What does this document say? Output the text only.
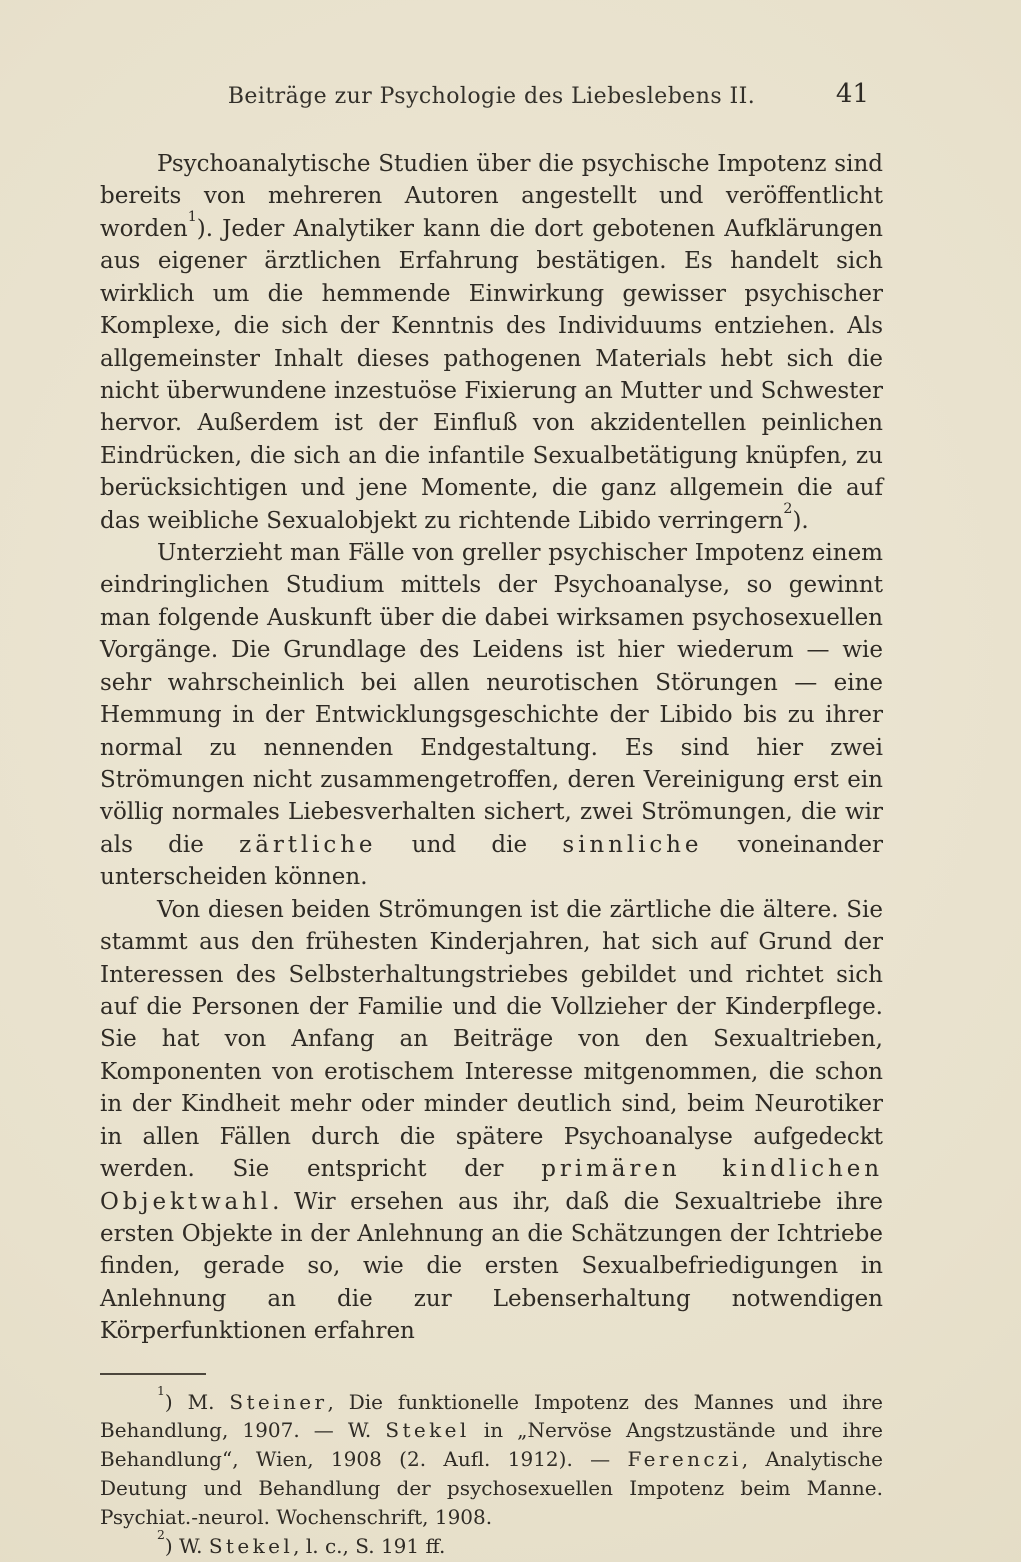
Beiträge zur Psychologie des Liebeslebens II.	41

Psychoanalytische Studien über die psychische Impotenz sind bereits von mehreren Autoren angestellt und veröffentlicht worden$^1$). Jeder Analytiker kann die dort gebotenen Aufklärungen aus eigener ärztlichen Erfahrung bestätigen. Es handelt sich wirklich um die hemmende Einwirkung gewisser psychischer Komplexe, die sich der Kenntnis des Individuums entziehen. Als allgemeinster Inhalt dieses pathogenen Materials hebt sich die nicht überwundene inzestuöse Fixierung an Mutter und Schwester hervor. Außerdem ist der Einfluß von akzidentellen peinlichen Eindrücken, die sich an die infantile Sexualbetätigung knüpfen, zu berücksichtigen und jene Momente, die ganz allgemein die auf das weibliche Sexualobjekt zu richtende Libido verringern$^2$).

Unterzieht man Fälle von greller psychischer Impotenz einem eindringlichen Studium mittels der Psychoanalyse, so gewinnt man folgende Auskunft über die dabei wirksamen psychosexuellen Vorgänge. Die Grundlage des Leidens ist hier wiederum — wie sehr wahrscheinlich bei allen neurotischen Störungen — eine Hemmung in der Entwicklungsgeschichte der Libido bis zu ihrer normal zu nennenden Endgestaltung. Es sind hier zwei Strömungen nicht zusammengetroffen, deren Vereinigung erst ein völlig normales Liebesverhalten sichert, zwei Strömungen, die wir als die zärtliche und die sinnliche voneinander unterscheiden können.

Von diesen beiden Strömungen ist die zärtliche die ältere. Sie stammt aus den frühesten Kinderjahren, hat sich auf Grund der Interessen des Selbsterhaltungstriebes gebildet und richtet sich auf die Personen der Familie und die Vollzieher der Kinderpflege. Sie hat von Anfang an Beiträge von den Sexualtrieben, Komponenten von erotischem Interesse mitgenommen, die schon in der Kindheit mehr oder minder deutlich sind, beim Neurotiker in allen Fällen durch die spätere Psychoanalyse aufgedeckt werden. Sie entspricht der primären kindlichen Objektwahl. Wir ersehen aus ihr, daß die Sexualtriebe ihre ersten Objekte in der Anlehnung an die Schätzungen der Ichtriebe finden, gerade so, wie die ersten Sexualbefriedigungen in Anlehnung an die zur Lebenserhaltung notwendigen Körperfunktionen erfahren

$^1$) M. Steiner, Die funktionelle Impotenz des Mannes und ihre Behandlung, 1907. — W. Stekel in „Nervöse Angstzustände und ihre Behandlung“, Wien, 1908 (2. Aufl. 1912). — Ferenczi, Analytische Deutung und Behandlung der psychosexuellen Impotenz beim Manne. Psychiat.-neurol. Wochenschrift, 1908.

$^2$) W. Stekel, l. c., S. 191 ff.
